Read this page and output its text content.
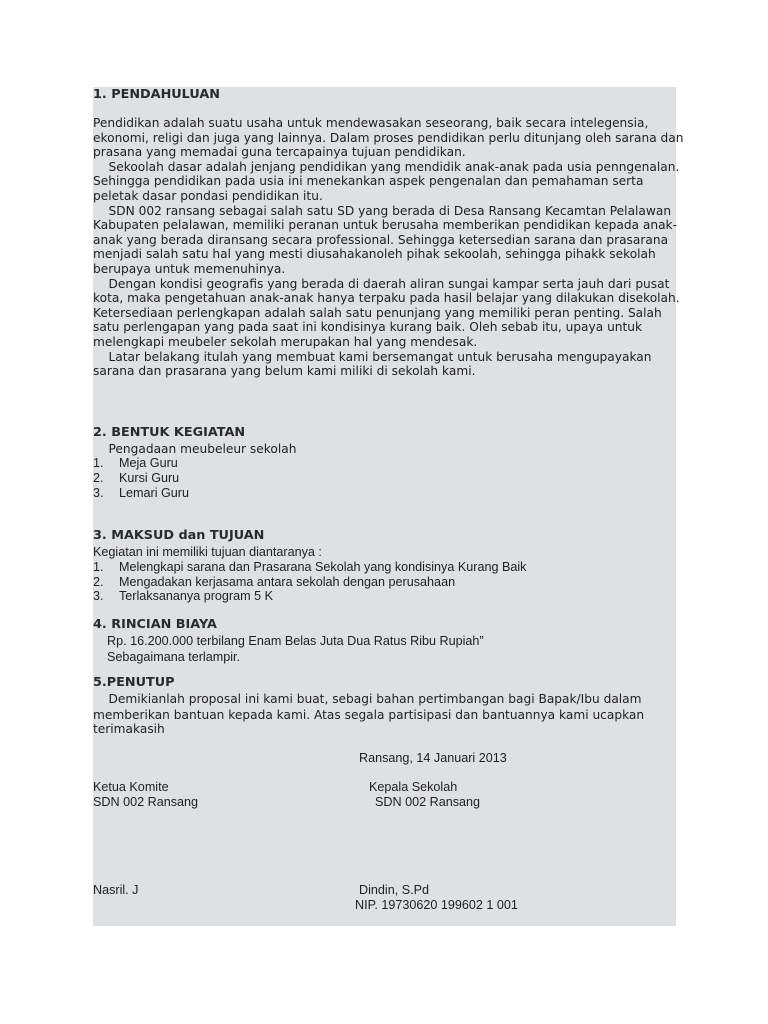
1. PENDAHULUAN
Pendidikan adalah suatu usaha untuk mendewasakan seseorang, baik secara intelegensia,
ekonomi, religi dan juga yang lainnya. Dalam proses pendidikan perlu ditunjang oleh sarana dan
prasana yang memadai guna tercapainya tujuan pendidikan.
Sekoolah dasar adalah jenjang pendidikan yang mendidik anak-anak pada usia penngenalan.
Sehingga pendidikan pada usia ini menekankan aspek pengenalan dan pemahaman serta
peletak dasar pondasi pendidikan itu.
SDN 002 ransang sebagai salah satu SD yang berada di Desa Ransang Kecamtan Pelalawan
Kabupaten pelalawan, memiliki peranan untuk berusaha memberikan pendidikan kepada anak-
anak yang berada diransang secara professional. Sehingga ketersedian sarana dan prasarana
menjadi salah satu hal yang mesti diusahakanoleh pihak sekoolah, sehingga pihakk sekolah
berupaya untuk memenuhinya.
Dengan kondisi geografis yang berada di daerah aliran sungai kampar serta jauh dari pusat
kota, maka pengetahuan anak-anak hanya terpaku pada hasil belajar yang dilakukan disekolah.
Ketersediaan perlengkapan adalah salah satu penunjang yang memiliki peran penting. Salah
satu perlengapan yang pada saat ini kondisinya kurang baik. Oleh sebab itu, upaya untuk
melengkapi meubeler sekolah merupakan hal yang mendesak.
Latar belakang itulah yang membuat kami bersemangat untuk berusaha mengupayakan
sarana dan prasarana yang belum kami miliki di sekolah kami.
2. BENTUK KEGIATAN
Pengadaan meubeleur sekolah
1. Meja Guru
2. Kursi Guru
3. Lemari Guru
3. MAKSUD dan TUJUAN
Kegiatan ini memiliki tujuan diantaranya :
1. Melengkapi sarana dan Prasarana Sekolah yang kondisinya Kurang Baik
2. Mengadakan kerjasama antara sekolah dengan perusahaan
3. Terlaksananya program 5 K
4. RINCIAN BIAYA
Rp. 16.200.000 terbilang Enam Belas Juta Dua Ratus Ribu Rupiah”
Sebagaimana terlampir.
5.PENUTUP
Demikianlah proposal ini kami buat, sebagi bahan pertimbangan bagi Bapak/Ibu dalam
memberikan bantuan kepada kami. Atas segala partisipasi dan bantuannya kami ucapkan
terimakasih
Ransang, 14 Januari 2013
Ketua Komite	Kepala Sekolah
SDN 002 Ransang	SDN 002 Ransang
Nasril. J	Dindin, S.Pd
NIP. 19730620 199602 1 001
